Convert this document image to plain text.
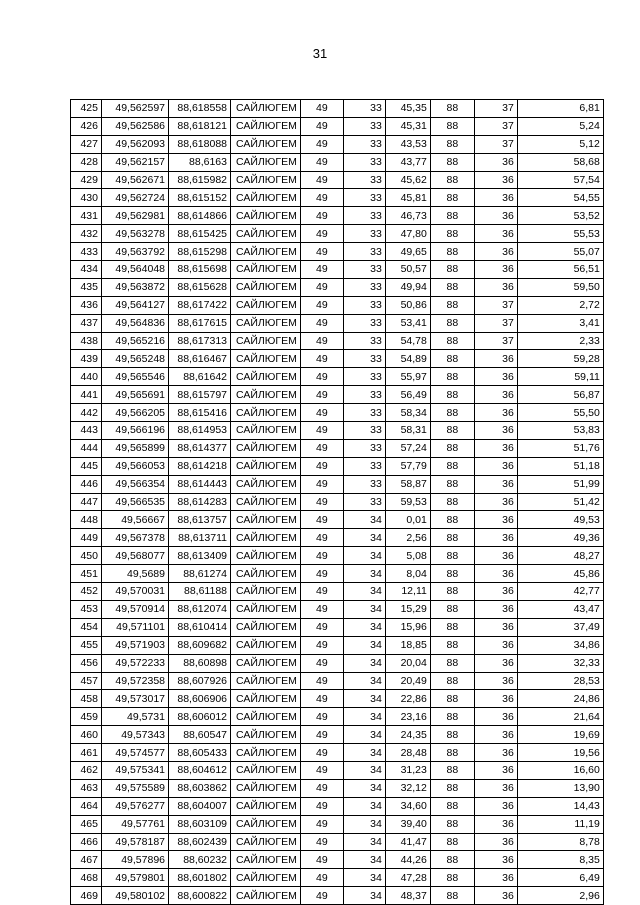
31
425	49,562597	88,618558	САЙЛЮГЕМ	49	33	45,35	88	37	6,81
426	49,562586	88,618121	САЙЛЮГЕМ	49	33	45,31	88	37	5,24
427	49,562093	88,618088	САЙЛЮГЕМ	49	33	43,53	88	37	5,12
428	49,562157	88,6163	САЙЛЮГЕМ	49	33	43,77	88	36	58,68
429	49,562671	88,615982	САЙЛЮГЕМ	49	33	45,62	88	36	57,54
430	49,562724	88,615152	САЙЛЮГЕМ	49	33	45,81	88	36	54,55
431	49,562981	88,614866	САЙЛЮГЕМ	49	33	46,73	88	36	53,52
432	49,563278	88,615425	САЙЛЮГЕМ	49	33	47,80	88	36	55,53
433	49,563792	88,615298	САЙЛЮГЕМ	49	33	49,65	88	36	55,07
434	49,564048	88,615698	САЙЛЮГЕМ	49	33	50,57	88	36	56,51
435	49,563872	88,615628	САЙЛЮГЕМ	49	33	49,94	88	36	59,50
436	49,564127	88,617422	САЙЛЮГЕМ	49	33	50,86	88	37	2,72
437	49,564836	88,617615	САЙЛЮГЕМ	49	33	53,41	88	37	3,41
438	49,565216	88,617313	САЙЛЮГЕМ	49	33	54,78	88	37	2,33
439	49,565248	88,616467	САЙЛЮГЕМ	49	33	54,89	88	36	59,28
440	49,565546	88,61642	САЙЛЮГЕМ	49	33	55,97	88	36	59,11
441	49,565691	88,615797	САЙЛЮГЕМ	49	33	56,49	88	36	56,87
442	49,566205	88,615416	САЙЛЮГЕМ	49	33	58,34	88	36	55,50
443	49,566196	88,614953	САЙЛЮГЕМ	49	33	58,31	88	36	53,83
444	49,565899	88,614377	САЙЛЮГЕМ	49	33	57,24	88	36	51,76
445	49,566053	88,614218	САЙЛЮГЕМ	49	33	57,79	88	36	51,18
446	49,566354	88,614443	САЙЛЮГЕМ	49	33	58,87	88	36	51,99
447	49,566535	88,614283	САЙЛЮГЕМ	49	33	59,53	88	36	51,42
448	49,56667	88,613757	САЙЛЮГЕМ	49	34	0,01	88	36	49,53
449	49,567378	88,613711	САЙЛЮГЕМ	49	34	2,56	88	36	49,36
450	49,568077	88,613409	САЙЛЮГЕМ	49	34	5,08	88	36	48,27
451	49,5689	88,61274	САЙЛЮГЕМ	49	34	8,04	88	36	45,86
452	49,570031	88,61188	САЙЛЮГЕМ	49	34	12,11	88	36	42,77
453	49,570914	88,612074	САЙЛЮГЕМ	49	34	15,29	88	36	43,47
454	49,571101	88,610414	САЙЛЮГЕМ	49	34	15,96	88	36	37,49
455	49,571903	88,609682	САЙЛЮГЕМ	49	34	18,85	88	36	34,86
456	49,572233	88,60898	САЙЛЮГЕМ	49	34	20,04	88	36	32,33
457	49,572358	88,607926	САЙЛЮГЕМ	49	34	20,49	88	36	28,53
458	49,573017	88,606906	САЙЛЮГЕМ	49	34	22,86	88	36	24,86
459	49,5731	88,606012	САЙЛЮГЕМ	49	34	23,16	88	36	21,64
460	49,57343	88,60547	САЙЛЮГЕМ	49	34	24,35	88	36	19,69
461	49,574577	88,605433	САЙЛЮГЕМ	49	34	28,48	88	36	19,56
462	49,575341	88,604612	САЙЛЮГЕМ	49	34	31,23	88	36	16,60
463	49,575589	88,603862	САЙЛЮГЕМ	49	34	32,12	88	36	13,90
464	49,576277	88,604007	САЙЛЮГЕМ	49	34	34,60	88	36	14,43
465	49,57761	88,603109	САЙЛЮГЕМ	49	34	39,40	88	36	11,19
466	49,578187	88,602439	САЙЛЮГЕМ	49	34	41,47	88	36	8,78
467	49,57896	88,60232	САЙЛЮГЕМ	49	34	44,26	88	36	8,35
468	49,579801	88,601802	САЙЛЮГЕМ	49	34	47,28	88	36	6,49
469	49,580102	88,600822	САЙЛЮГЕМ	49	34	48,37	88	36	2,96
